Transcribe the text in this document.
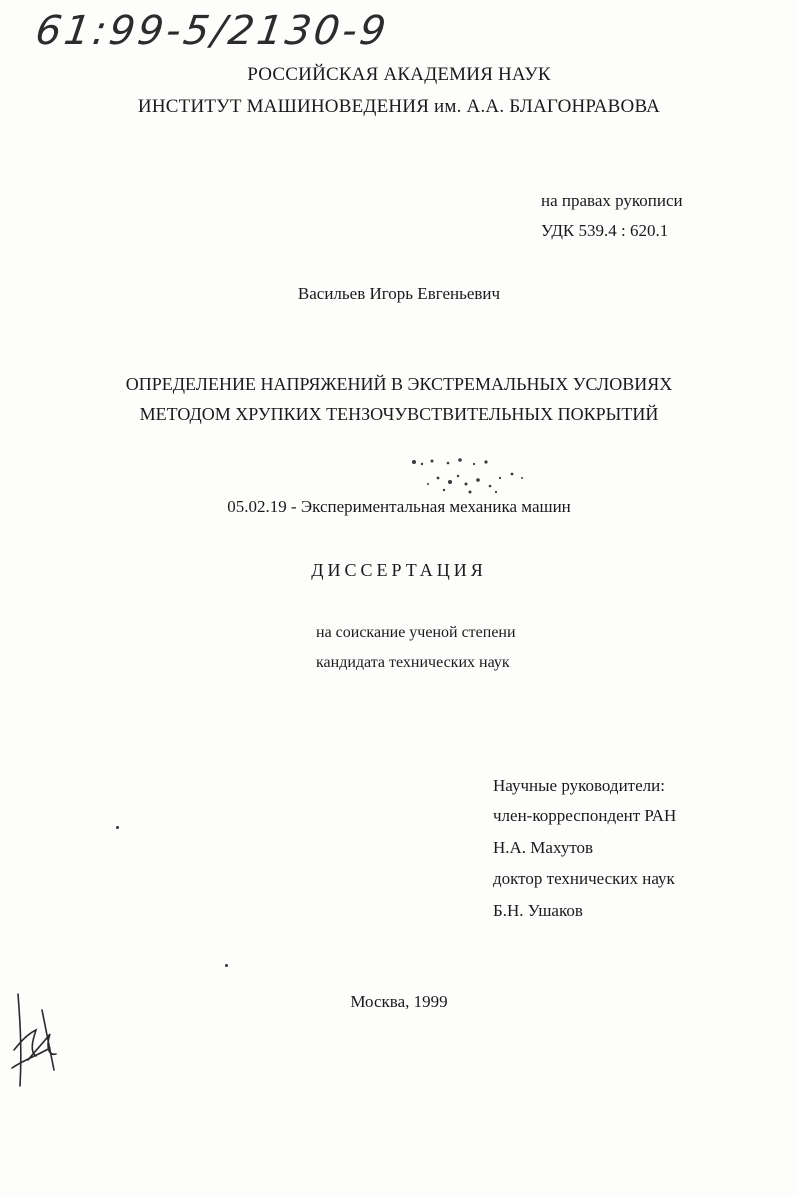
61:99-5/2130-9
РОССИЙСКАЯ АКАДЕМИЯ НАУК
ИНСТИТУТ МАШИНОВЕДЕНИЯ им. А.А. БЛАГОНРАВОВА
на правах рукописи
УДК 539.4 : 620.1
Васильев Игорь Евгеньевич
ОПРЕДЕЛЕНИЕ НАПРЯЖЕНИЙ В ЭКСТРЕМАЛЬНЫХ УСЛОВИЯХ
МЕТОДОМ ХРУПКИХ ТЕНЗОЧУВСТВИТЕЛЬНЫХ ПОКРЫТИЙ
05.02.19 - Экспериментальная механика машин
ДИССЕРТАЦИЯ
на соискание ученой степени
кандидата технических наук
Научные руководители:
член-корреспондент РАН
Н.А. Махутов
доктор технических наук
Б.Н. Ушаков
Москва, 1999
